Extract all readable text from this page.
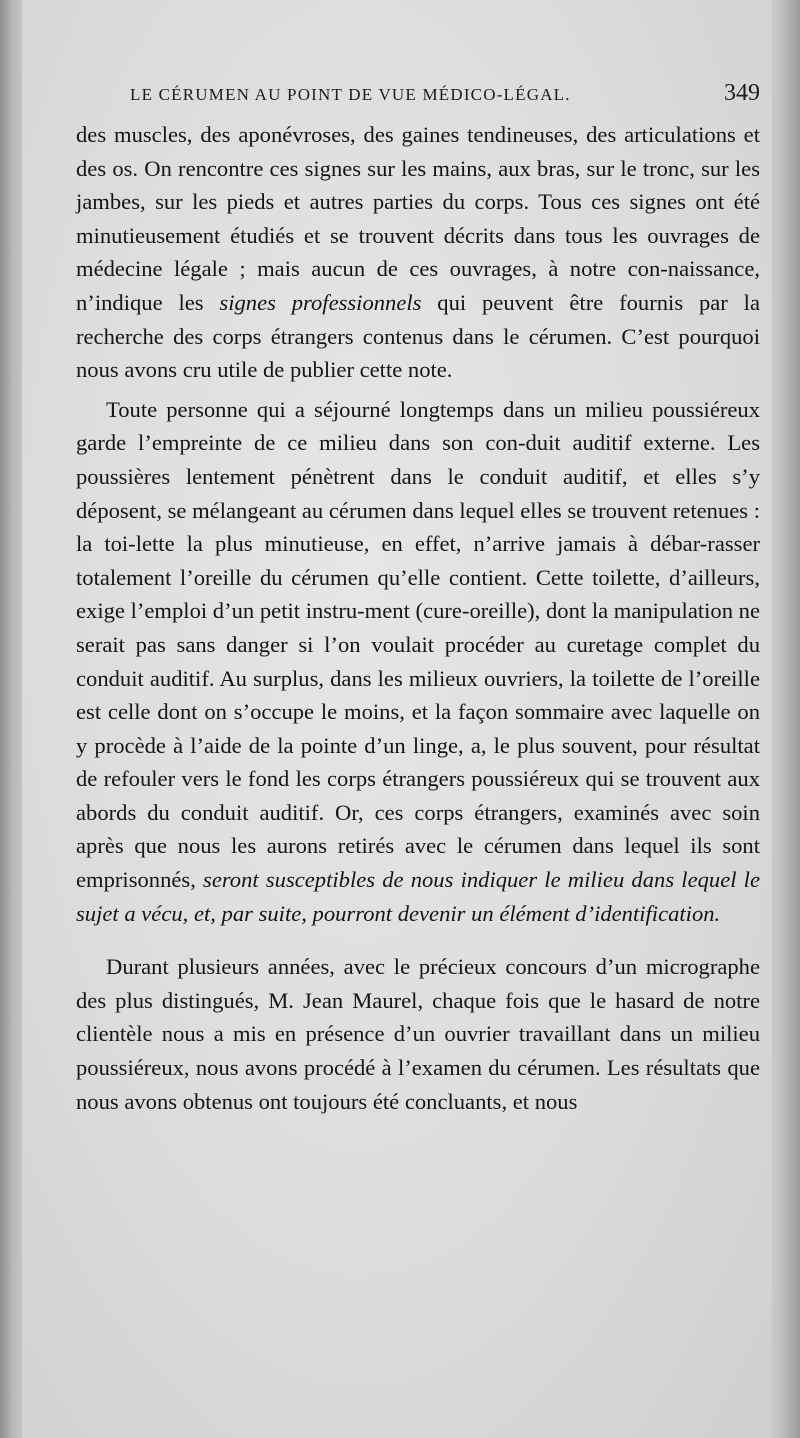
LE CÉRUMEN AU POINT DE VUE MÉDICO-LÉGAL.	349

des muscles, des aponévroses, des gaines tendineuses, des articulations et des os. On rencontre ces signes sur les mains, aux bras, sur le tronc, sur les jambes, sur les pieds et autres parties du corps. Tous ces signes ont été minutieusement étudiés et se trouvent décrits dans tous les ouvrages de médecine légale ; mais aucun de ces ouvrages, à notre con-naissance, n’indique les signes professionnels qui peuvent être fournis par la recherche des corps étrangers contenus dans le cérumen. C’est pourquoi nous avons cru utile de publier cette note.

Toute personne qui a séjourné longtemps dans un milieu poussiéreux garde l’empreinte de ce milieu dans son con-duit auditif externe. Les poussières lentement pénètrent dans le conduit auditif, et elles s’y déposent, se mélangeant au cérumen dans lequel elles se trouvent retenues : la toi-lette la plus minutieuse, en effet, n’arrive jamais à débar-rasser totalement l’oreille du cérumen qu’elle contient. Cette toilette, d’ailleurs, exige l’emploi d’un petit instru-ment (cure-oreille), dont la manipulation ne serait pas sans danger si l’on voulait procéder au curetage complet du conduit auditif. Au surplus, dans les milieux ouvriers, la toilette de l’oreille est celle dont on s’occupe le moins, et la façon sommaire avec laquelle on y procède à l’aide de la pointe d’un linge, a, le plus souvent, pour résultat de refouler vers le fond les corps étrangers poussiéreux qui se trouvent aux abords du conduit auditif. Or, ces corps étrangers, examinés avec soin après que nous les aurons retirés avec le cérumen dans lequel ils sont emprisonnés, seront susceptibles de nous indiquer le milieu dans lequel le sujet a vécu, et, par suite, pourront devenir un élément d’identification.

Durant plusieurs années, avec le précieux concours d’un micrographe des plus distingués, M. Jean Maurel, chaque fois que le hasard de notre clientèle nous a mis en présence d’un ouvrier travaillant dans un milieu poussiéreux, nous avons procédé à l’examen du cérumen. Les résultats que nous avons obtenus ont toujours été concluants, et nous
